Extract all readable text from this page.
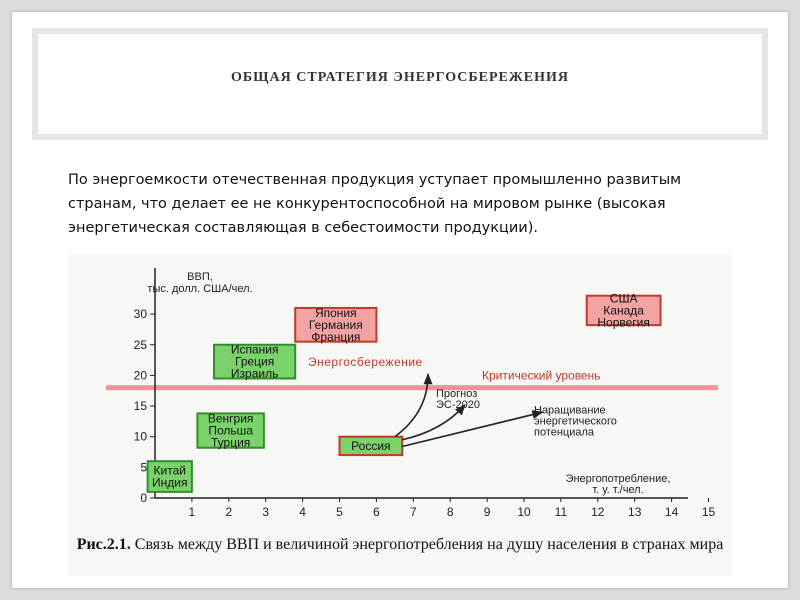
ОБЩАЯ СТРАТЕГИЯ ЭНЕРГОСБЕРЕЖЕНИЯ
По энергоемкости отечественная продукция уступает промышленно развитым странам, что делает ее не конкурентоспособной на мировом рынке (высокая энергетическая составляющая в себестоимости продукции).
Критический уровень
0
5
10
15
20
25
30
1	2	3	4	5	6	7	8	9 10 11 12 13 14 15
ВВП,
тыс. долл. США/чел.
Энергопотребление,
т. у. т./чел.
Китай
Индия
Венгрия
Польша
Турция
Испания
Греция
Израиль
Япония
Германия
Франция
США
Канада
Норвегия
Россия
Энергосбережение
Прогноз
ЭС-2020	Наращивание
энергетического
потенциала
Рис.2.1. Связь между ВВП и величиной энергопотребления на душу населения в странах мира
